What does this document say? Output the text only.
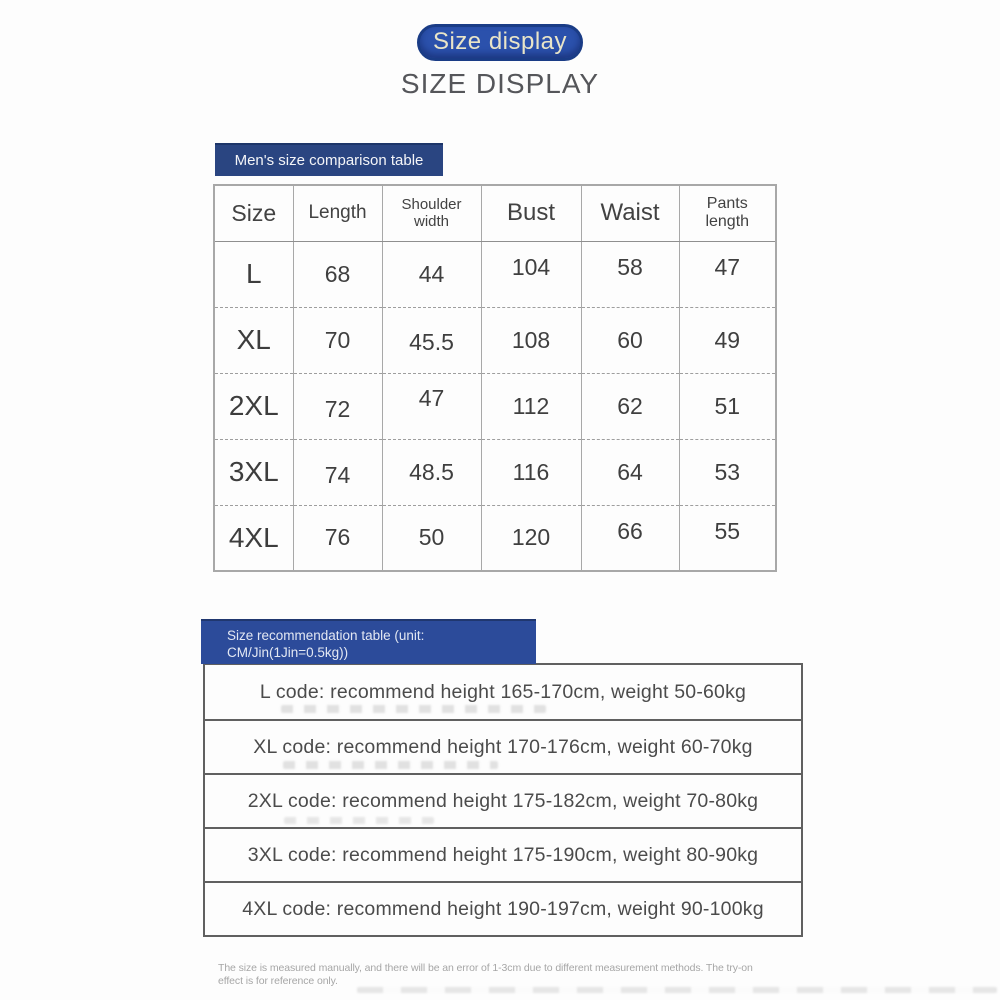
Size display
SIZE DISPLAY
Men's size comparison table
Size	Length	Shoulder width	Bust	Waist	Pants length
L	68	44	104	58	47
XL	70	45.5	108	60	49
2XL	72	47	112	62	51
3XL	74	48.5	116	64	53
4XL	76	50	120	66	55
Size recommendation table (unit:
CM/Jin(1Jin=0.5kg))
L code: recommend height 165-170cm, weight 50-60kg
XL code: recommend height 170-176cm, weight 60-70kg
2XL code: recommend height 175-182cm, weight 70-80kg
3XL code: recommend height 175-190cm, weight 80-90kg
4XL code: recommend height 190-197cm, weight 90-100kg
The size is measured manually, and there will be an error of 1-3cm due to different measurement methods. The try-on effect is for reference only.
